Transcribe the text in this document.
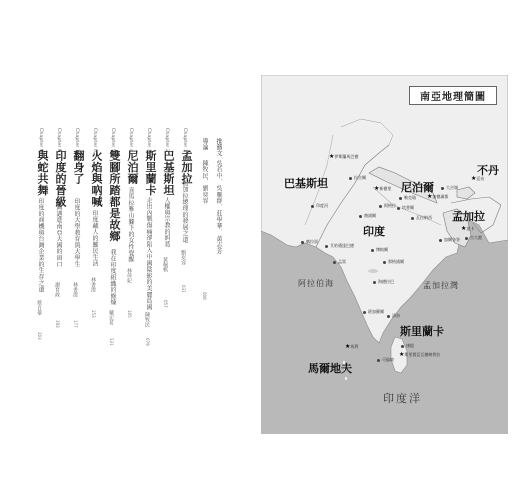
推薦文
吳若中．吳雁群．莊學華．黃志芳
導論
陳牧民．劉奕容
008
Chapter 1
孟加拉
孟加拉總理的發展之道
劉奕容
031
Chapter 2
巴基斯坦
人權與宗教的糾葛
黃佩棋
057
Chapter 3
斯里蘭卡
走出內戰傷痛卻陷入中國陰影的美麗島國
陳牧民
079
Chapter 4
尼泊爾
喜馬拉雅山腳下的女性覺醒
林倖妃
105
Chapter 5
雙腳所踏都是故鄉
我在印度組織的修煉
戴宏茗
131
Chapter 6
火焰與吶喊
印度藏人的難民生活
林書澄
153
Chapter 7
翻身了
印度的大學教育與大學生
林書澄
177
Chapter 8
印度的晉級
台灣邁進南亞大國的窗口
謝育政
193
Chapter 9
與蛇共舞
印度的商機與台灣企業的生存之道
蔡百蓁
203
南亞地理簡圖
巴基斯坦	尼泊爾
不丹
孟加拉
印度
斯里蘭卡
馬爾地夫
阿拉伯海	孟加拉灣
印度洋
★伊斯蘭馬巴德
★新德里
★加德滿都
★廷布
★達卡
★斯里賈亞瓦德納普拉
★馬利
喀拉蚩
拉合爾
印度河	阿格拉
齋浦爾	瓦拉納西
坎普爾
勒克瑙
艾哈邁達巴德
博帕爾
孟買
海德拉巴
班加羅爾
清奈
加爾各答
大吉嶺
康提
可倫坡
吉大港
那格浦爾
